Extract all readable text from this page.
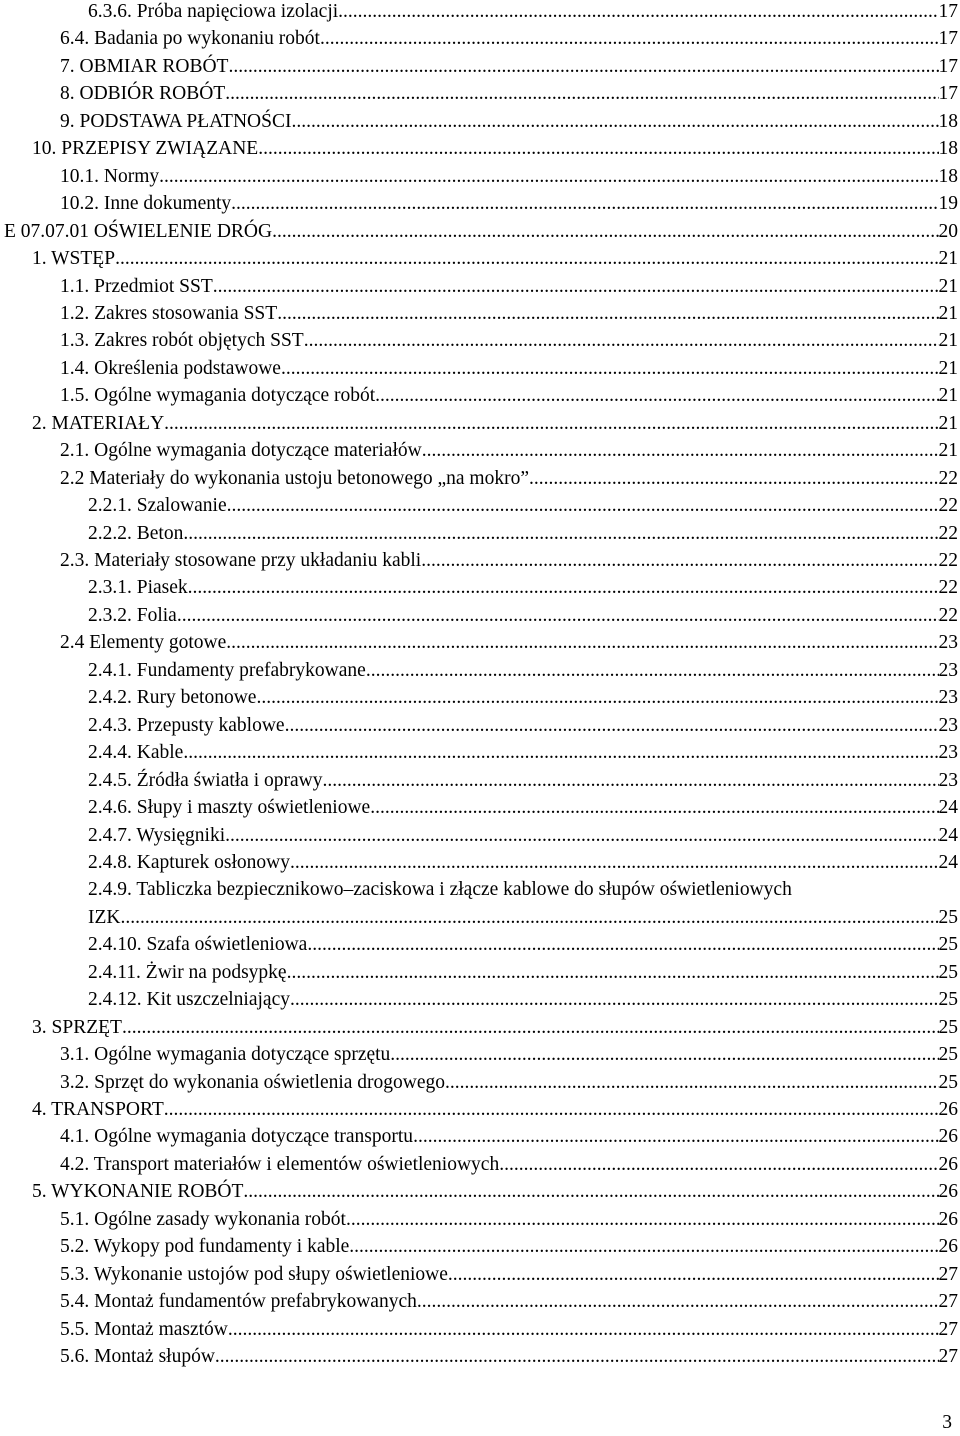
6.3.6. Próba napięciowa izolacji .....	17
6.4. Badania po wykonaniu robót .....	17
7. OBMIAR ROBÓT .....	17
8. ODBIÓR ROBÓT .....	17
9. PODSTAWA PŁATNOŚCI .....	18
10. PRZEPISY ZWIĄZANE .....	18
10.1. Normy .....	18
10.2. Inne dokumenty .....	19
E 07.07.01 OŚWIELENIE DRÓG .....	20
1. WSTĘP .....	21
1.1. Przedmiot SST .....	21
1.2. Zakres stosowania SST .....	21
1.3. Zakres robót objętych SST .....	21
1.4. Określenia podstawowe .....	21
1.5. Ogólne wymagania dotyczące robót .....	21
2. MATERIAŁY .....	21
2.1. Ogólne wymagania dotyczące materiałów .....	21
2.2 Materiały do wykonania ustoju betonowego „na mokro” .....	22
2.2.1. Szalowanie .....	22
2.2.2. Beton .....	22
2.3. Materiały stosowane przy układaniu kabli .....	22
2.3.1. Piasek .....	22
2.3.2. Folia .....	22
2.4 Elementy gotowe .....	23
2.4.1. Fundamenty prefabrykowane .....	23
2.4.2. Rury betonowe .....	23
2.4.3. Przepusty kablowe .....	23
2.4.4. Kable .....	23
2.4.5. Źródła światła i oprawy .....	23
2.4.6. Słupy i maszty oświetleniowe .....	24
2.4.7. Wysięgniki .....	24
2.4.8. Kapturek osłonowy .....	24
2.4.9. Tabliczka bezpiecznikowo–zaciskowa i złącze kablowe do słupów oświetleniowych
IZK .....	25
2.4.10. Szafa oświetleniowa .....	25
2.4.11. Żwir na podsypkę .....	25
2.4.12. Kit uszczelniający .....	25
3. SPRZĘT .....	25
3.1. Ogólne wymagania dotyczące sprzętu .....	25
3.2. Sprzęt do wykonania oświetlenia drogowego .....	25
4. TRANSPORT .....	26
4.1. Ogólne wymagania dotyczące transportu .....	26
4.2. Transport materiałów i elementów oświetleniowych .....	26
5. WYKONANIE ROBÓT .....	26
5.1. Ogólne zasady wykonania robót .....	26
5.2. Wykopy pod fundamenty i kable .....	26
5.3. Wykonanie ustojów pod słupy oświetleniowe .....	27
5.4. Montaż fundamentów prefabrykowanych .....	27
5.5. Montaż masztów .....	27
5.6. Montaż słupów .....	27
3
